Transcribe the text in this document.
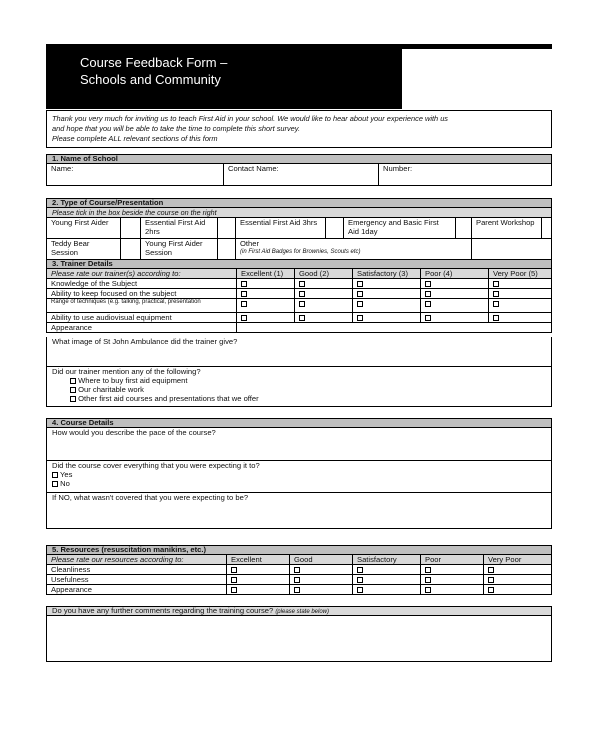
Course Feedback Form –
Schools and Community
Thank you very much for inviting us to teach First Aid in your school. We would like to hear about your experience with us
and hope that you will be able to take the time to complete this short survey.
Please complete ALL relevant sections of this form
1. Name of School
Name:	Contact Name:	Number:
2. Type of Course/Presentation
Please tick in the box beside the course on the right
Young First Aider		Essential First Aid 2hrs		Essential First Aid 3hrs		Emergency and Basic First Aid 1day		Parent Workshop	
Teddy Bear Session		Young First Aider Session		Other
(in First Aid Badges for Brownies, Scouts etc)					

3. Trainer Details
Please rate our trainer(s) according to:	Excellent (1)	Good (2)	Satisfactory (3)	Poor (4)	Very Poor (5)
Knowledge of the Subject					
Ability to keep focused on the subject					
Range of techniques (e.g. talking, practical, presentation					
Ability to use audiovisual equipment					
Appearance					
What image of St John Ambulance did the trainer give?
Did our trainer mention any of the following?
Where to buy first aid equipment
Our charitable work
Other first aid courses and presentations that we offer
4. Course Details
How would you describe the pace of the course?
Did the course cover everything that you were expecting it to?
Yes
No
If NO, what wasn't covered that you were expecting to be?
5. Resources (resuscitation manikins, etc.)
Please rate our resources according to:	Excellent	Good	Satisfactory	Poor	Very Poor
Cleanliness					
Usefulness					
Appearance					
Do you have any further comments regarding the training course? (please state below)
